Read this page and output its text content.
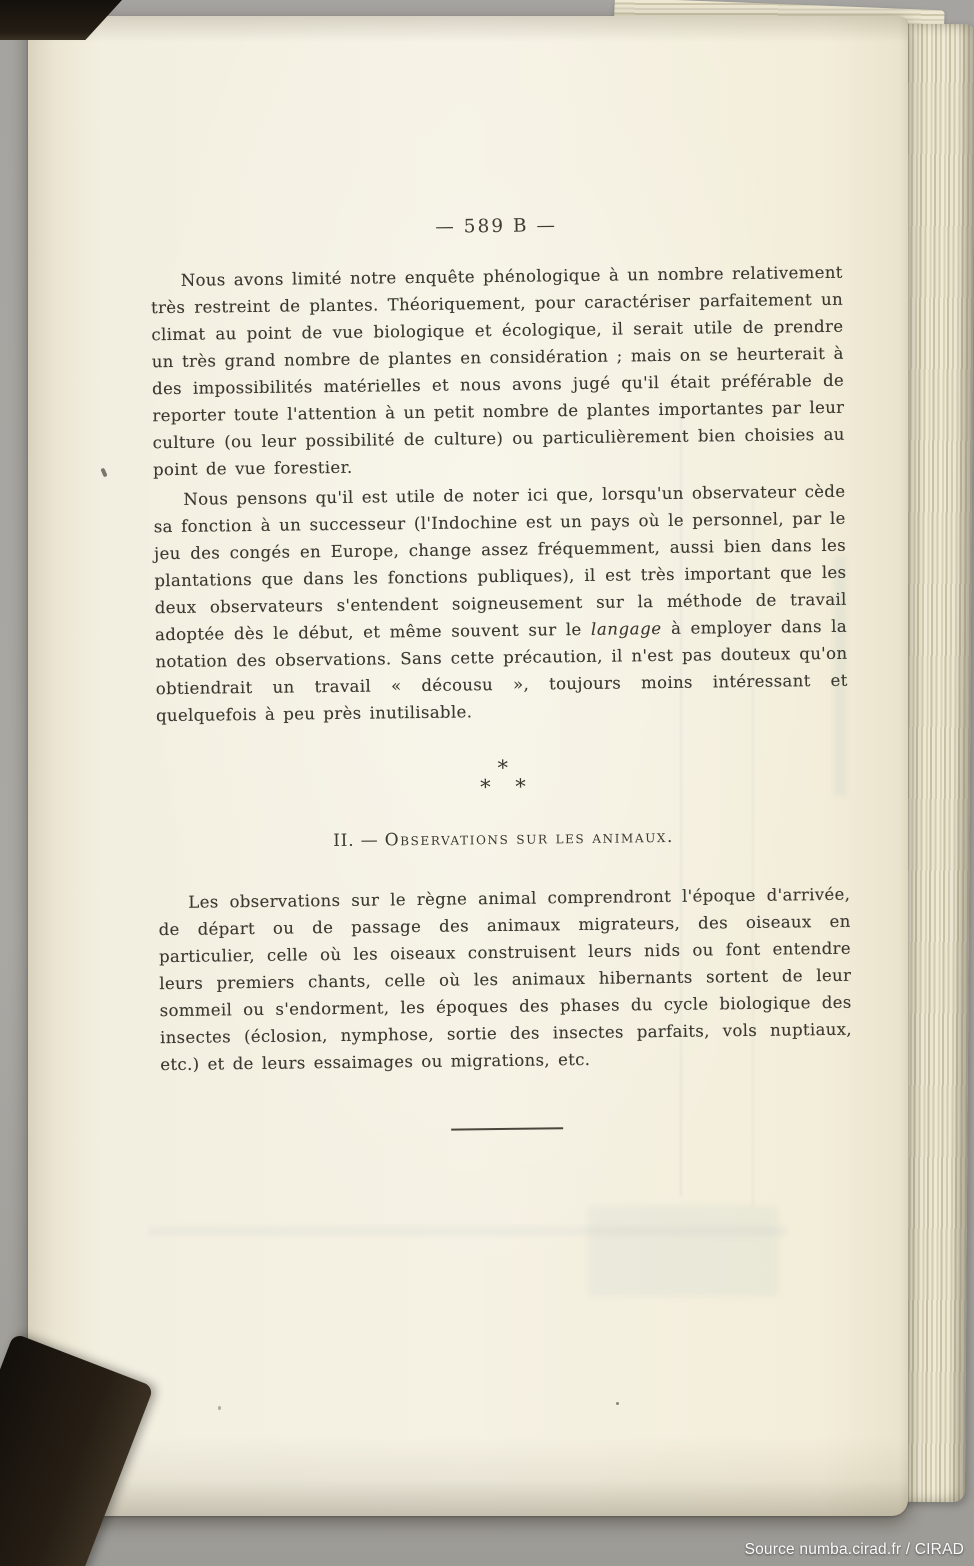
— 589 B —

Nous avons limité notre enquête phénologique à un nombre relativement très restreint de plantes. Théoriquement, pour caractériser parfaitement un climat au point de vue biologique et écologique, il serait utile de prendre un très grand nombre de plantes en considération ; mais on se heurterait à des impossibilités matérielles et nous avons jugé qu'il était préférable de reporter toute l'attention à un petit nombre de plantes importantes par leur culture (ou leur possibilité de culture) ou particulièrement bien choisies au point de vue forestier.

Nous pensons qu'il est utile de noter ici que, lorsqu'un observateur cède sa fonction à un successeur (l'Indochine est un pays où le personnel, par le jeu des congés en Europe, change assez fréquemment, aussi bien dans les plantations que dans les fonctions publiques), il est très important que les deux observateurs s'entendent soigneusement sur la méthode de travail adoptée dès le début, et même souvent sur le langage à employer dans la notation des observations. Sans cette précaution, il n'est pas douteux qu'on obtiendrait un travail « décousu », toujours moins intéressant et quelquefois à peu près inutilisable.

*
* *
II. — Observations sur les animaux.

Les observations sur le règne animal comprendront l'époque d'arrivée, de départ ou de passage des animaux migrateurs, des oiseaux en particulier, celle où les oiseaux construisent leurs nids ou font entendre leurs premiers chants, celle où les animaux hibernants sortent de leur sommeil ou s'endorment, les époques des phases du cycle biologique des insectes (éclosion, nymphose, sortie des insectes parfaits, vols nuptiaux, etc.) et de leurs essaimages ou migrations, etc.

Source numba.cirad.fr / CIRAD
